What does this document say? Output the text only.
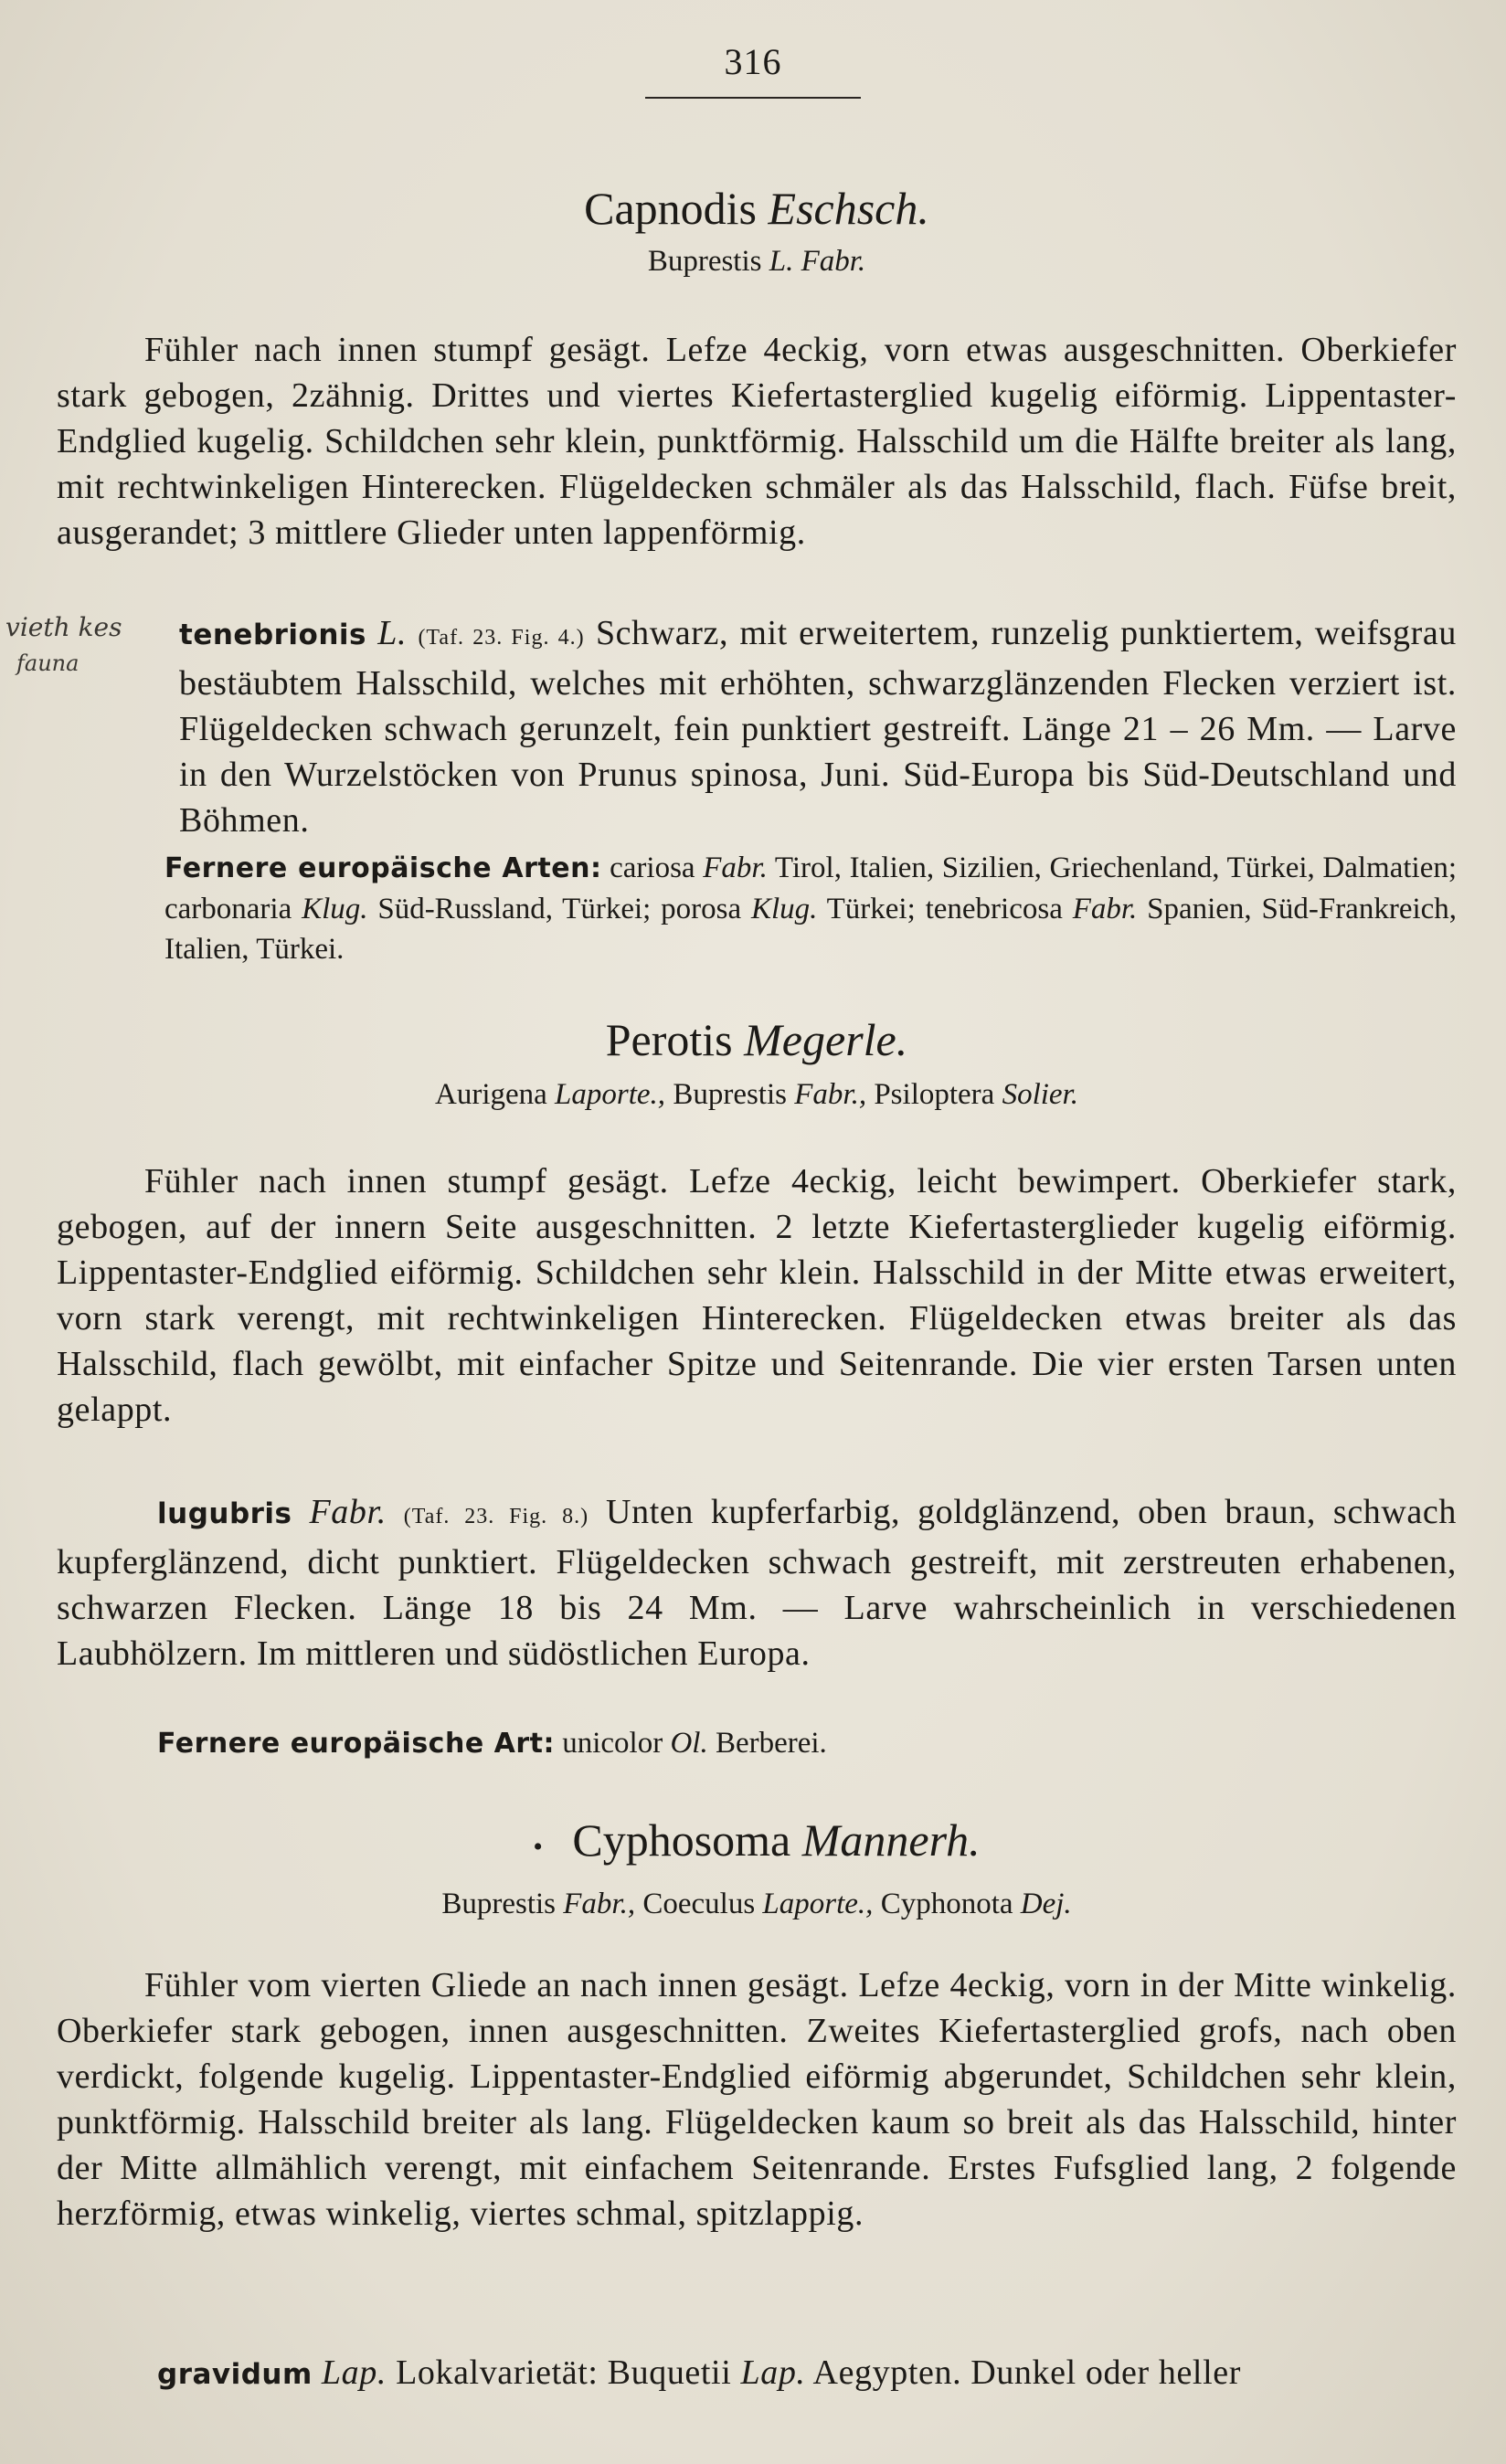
316
Capnodis Eschsch.
Buprestis L. Fabr.

Fühler nach innen stumpf gesägt. Lefze 4eckig, vorn etwas ausgeschnitten. Oberkiefer stark gebogen, 2zähnig. Drittes und viertes Kiefertasterglied kugelig eiförmig. Lippentaster-Endglied kugelig. Schildchen sehr klein, punktförmig. Halsschild um die Hälfte breiter als lang, mit rechtwinkeligen Hinterecken. Flügeldecken schmäler als das Halsschild, flach. Füfse breit, ausgerandet; 3 mittlere Glieder unten lappenförmig.

vieth kes
fauna

tenebrionis L. (Taf. 23. Fig. 4.) Schwarz, mit erweitertem, runzelig punktiertem, weifsgrau bestäubtem Halsschild, welches mit erhöhten, schwarzglänzenden Flecken verziert ist. Flügeldecken schwach gerunzelt, fein punktiert gestreift. Länge 21 – 26 Mm. — Larve in den Wurzelstöcken von Prunus spinosa, Juni. Süd-Europa bis Süd-Deutschland und Böhmen.

Fernere europäische Arten: cariosa Fabr. Tirol, Italien, Sizilien, Griechenland, Türkei, Dalmatien; carbonaria Klug. Süd-Russland, Türkei; porosa Klug. Türkei; tenebricosa Fabr. Spanien, Süd-Frankreich, Italien, Türkei.

Perotis Megerle.
Aurigena Laporte., Buprestis Fabr., Psiloptera Solier.

Fühler nach innen stumpf gesägt. Lefze 4eckig, leicht bewimpert. Oberkiefer stark, gebogen, auf der innern Seite ausgeschnitten. 2 letzte Kiefertasterglieder kugelig eiförmig. Lippentaster-Endglied eiförmig. Schildchen sehr klein. Halsschild in der Mitte etwas erweitert, vorn stark verengt, mit rechtwinkeligen Hinterecken. Flügeldecken etwas breiter als das Halsschild, flach gewölbt, mit einfacher Spitze und Seitenrande. Die vier ersten Tarsen unten gelappt.

lugubris Fabr. (Taf. 23. Fig. 8.) Unten kupferfarbig, goldglänzend, oben braun, schwach kupferglänzend, dicht punktiert. Flügeldecken schwach gestreift, mit zerstreuten erhabenen, schwarzen Flecken. Länge 18 bis 24 Mm. — Larve wahrscheinlich in verschiedenen Laubhölzern. Im mittleren und südöstlichen Europa.

Fernere europäische Art: unicolor Ol. Berberei.

• Cyphosoma Mannerh.
Buprestis Fabr., Coeculus Laporte., Cyphonota Dej.

Fühler vom vierten Gliede an nach innen gesägt. Lefze 4eckig, vorn in der Mitte winkelig. Oberkiefer stark gebogen, innen ausgeschnitten. Zweites Kiefertasterglied grofs, nach oben verdickt, folgende kugelig. Lippentaster-Endglied eiförmig abgerundet, Schildchen sehr klein, punktförmig. Halsschild breiter als lang. Flügeldecken kaum so breit als das Halsschild, hinter der Mitte allmählich verengt, mit einfachem Seitenrande. Erstes Fufsglied lang, 2 folgende herzförmig, etwas winkelig, viertes schmal, spitzlappig.

gravidum Lap. Lokalvarietät: Buquetii Lap. Aegypten. Dunkel oder heller
